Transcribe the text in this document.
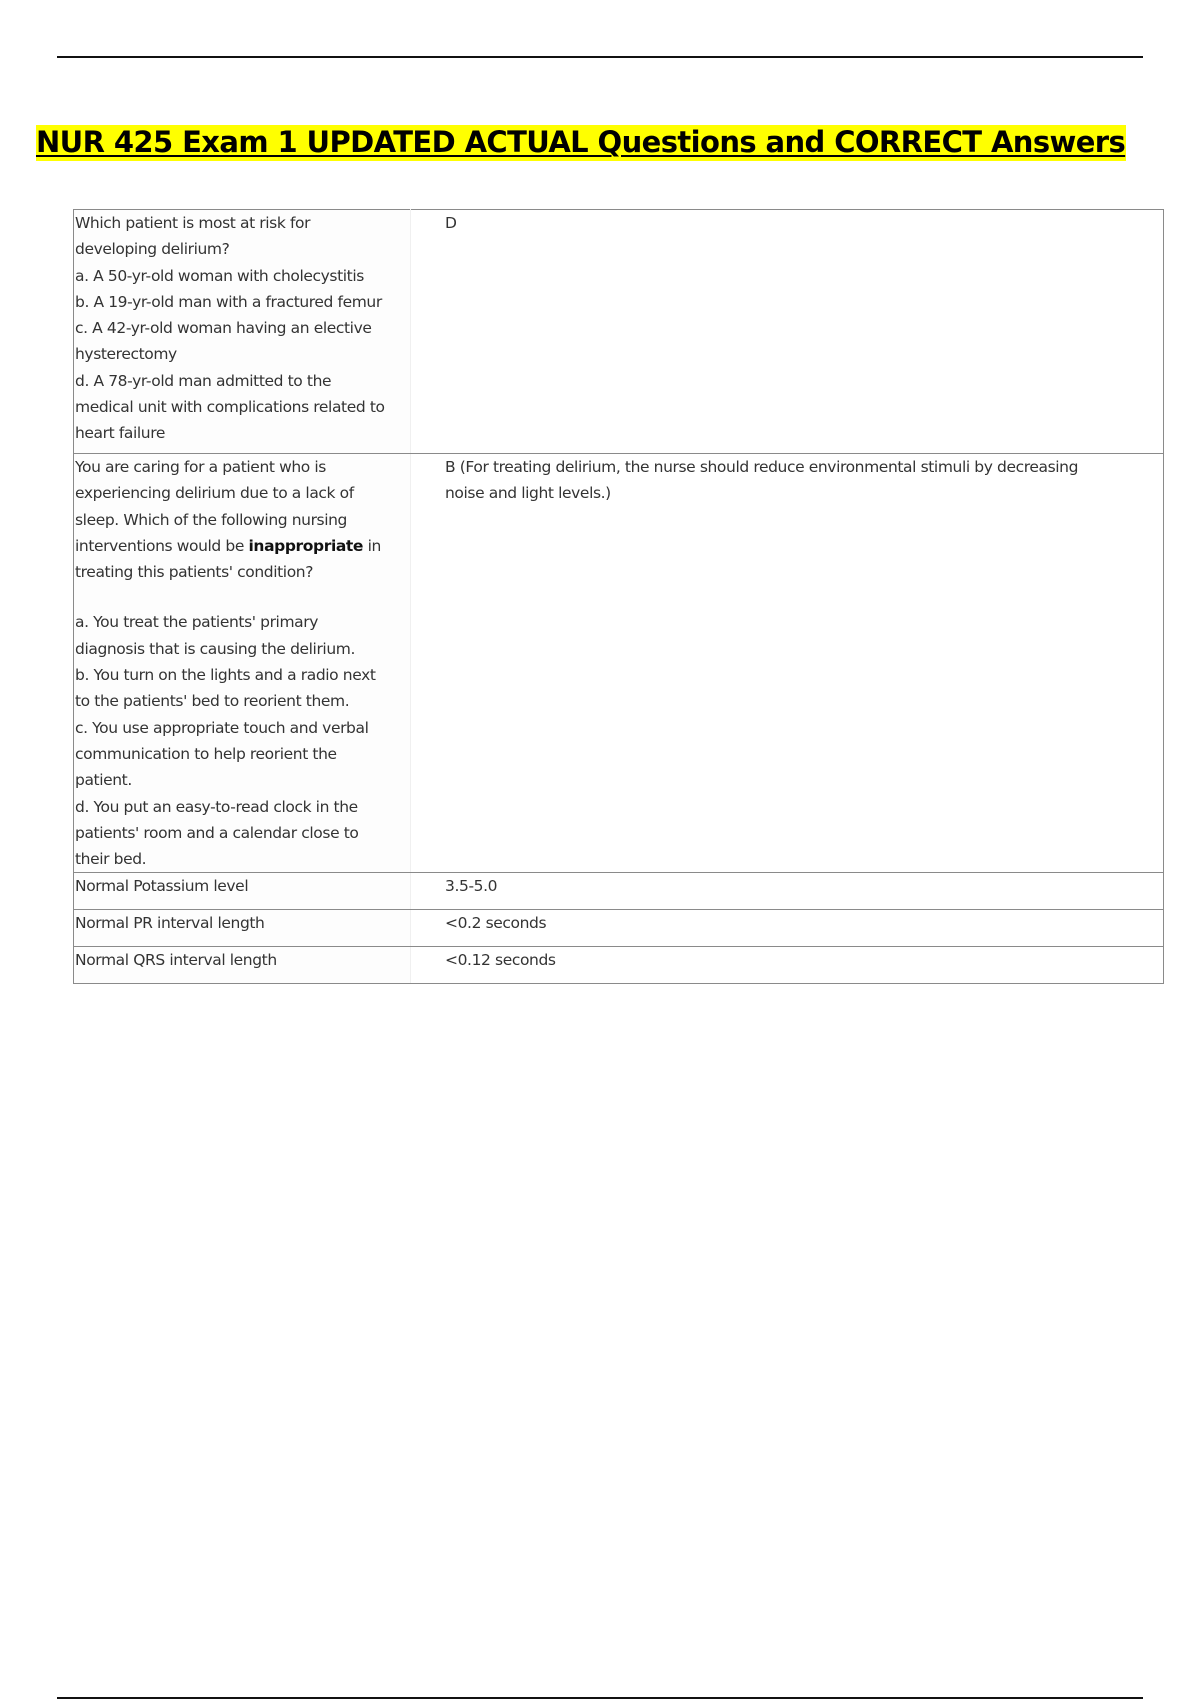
NUR 425 Exam 1 UPDATED ACTUAL Questions and CORRECT Answers
Which patient is most at risk for developing delirium?
a. A 50-yr-old woman with cholecystitis
b. A 19-yr-old man with a fractured femur
c. A 42-yr-old woman having an elective hysterectomy
d. A 78-yr-old man admitted to the medical unit with complications related to heart failure	D

You are caring for a patient who is experiencing delirium due to a lack of sleep. Which of the following nursing interventions would be inappropriate in treating this patients' condition?
a. You treat the patients' primary diagnosis that is causing the delirium.
b. You turn on the lights and a radio next to the patients' bed to reorient them.
c. You use appropriate touch and verbal communication to help reorient the patient.
d. You put an easy-to-read clock in the patients' room and a calendar close to their bed.	B (For treating delirium, the nurse should reduce environmental stimuli by decreasing noise and light levels.)
Normal Potassium level	3.5-5.0
Normal PR interval length	<0.2 seconds
Normal QRS interval length	<0.12 seconds
